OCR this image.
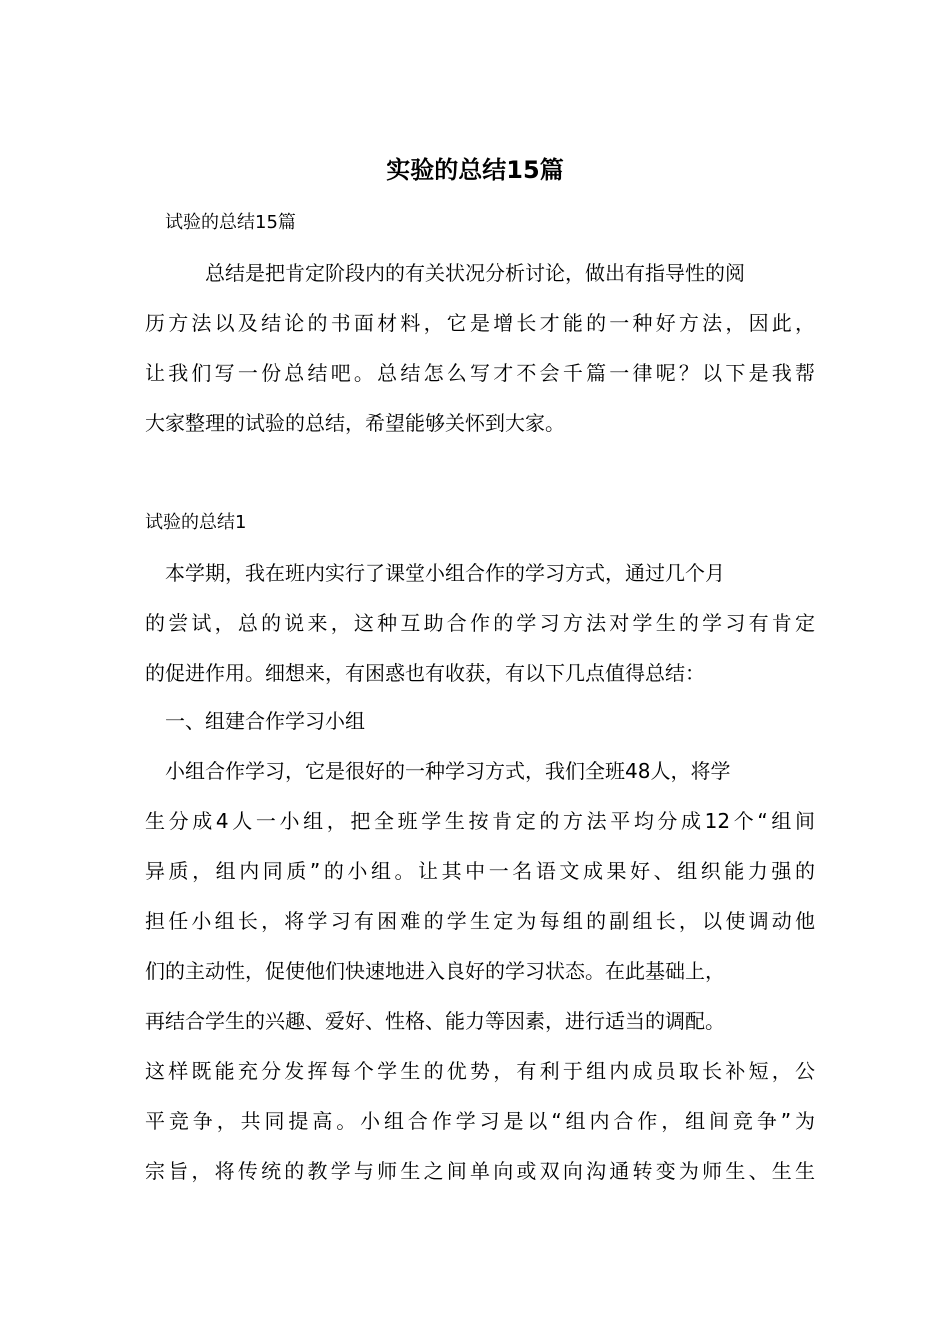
实验的总结15篇

试验的总结15篇

总结是把肯定阶段内的有关状况分析讨论，做出有指导性的阅

历方法以及结论的书面材料，它是增长才能的一种好方法，因此，

让我们写一份总结吧。总结怎么写才不会千篇一律呢？以下是我帮

大家整理的试验的总结，希望能够关怀到大家。

试验的总结1

本学期，我在班内实行了课堂小组合作的学习方式，通过几个月

的尝试，总的说来，这种互助合作的学习方法对学生的学习有肯定

的促进作用。细想来，有困惑也有收获，有以下几点值得总结：

一、组建合作学习小组

小组合作学习，它是很好的一种学习方式，我们全班48人，将学

生分成4人一小组，把全班学生按肯定的方法平均分成12个“组间

异质，组内同质”的小组。让其中一名语文成果好、组织能力强的

担任小组长，将学习有困难的学生定为每组的副组长，以使调动他

们的主动性，促使他们快速地进入良好的学习状态。在此基础上，

再结合学生的兴趣、爱好、性格、能力等因素，进行适当的调配。

这样既能充分发挥每个学生的优势，有利于组内成员取长补短，公

平竞争，共同提高。小组合作学习是以“组内合作，组间竞争”为

宗旨，将传统的教学与师生之间单向或双向沟通转变为师生、生生
